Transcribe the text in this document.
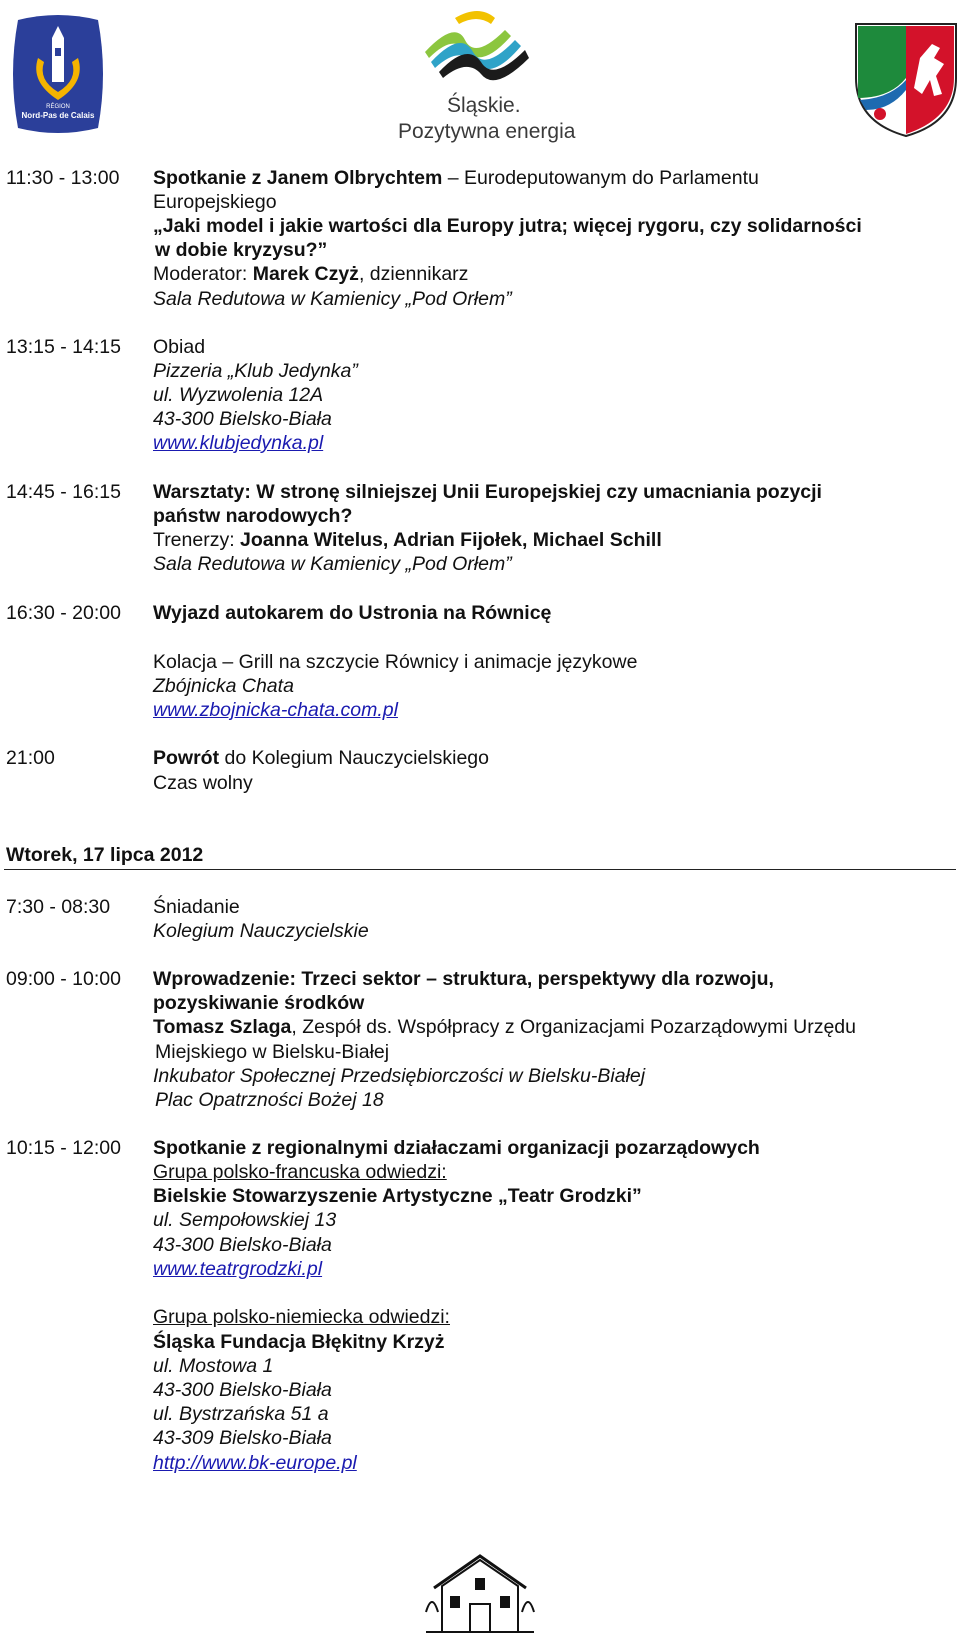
RÉGION
Nord-Pas de Calais	Śląskie.
Pozytywna energia
11:30 - 13:00 Spotkanie z Janem Olbrychtem – Eurodeputowanym do Parlamentu
Europejskiego
„Jaki model i jakie wartości dla Europy jutra; więcej rygoru, czy solidarności
w dobie kryzysu?”
Moderator: Marek Czyż, dziennikarz
Sala Redutowa w Kamienicy „Pod Orłem”
13:15 - 14:15 Obiad
Pizzeria „Klub Jedynka”
ul. Wyzwolenia 12A
43-300 Bielsko-Biała
www.klubjedynka.pl
14:45 - 16:15 Warsztaty: W stronę silniejszej Unii Europejskiej czy umacniania pozycji
państw narodowych?
Trenerzy: Joanna Witelus, Adrian Fijołek, Michael Schill
Sala Redutowa w Kamienicy „Pod Orłem”
16:30 - 20:00 Wyjazd autokarem do Ustronia na Równicę
Kolacja – Grill na szczycie Równicy i animacje językowe
Zbójnicka Chata
www.zbojnicka-chata.com.pl
21:00	Powrót do Kolegium Nauczycielskiego
Czas wolny
Wtorek, 17 lipca 2012
7:30 - 08:30 Śniadanie
Kolegium Nauczycielskie
09:00 - 10:00 Wprowadzenie: Trzeci sektor – struktura, perspektywy dla rozwoju,
pozyskiwanie środków
Tomasz Szlaga, Zespół ds. Współpracy z Organizacjami Pozarządowymi Urzędu
Miejskiego w Bielsku-Białej
Inkubator Społecznej Przedsiębiorczości w Bielsku-Białej
Plac Opatrzności Bożej 18
10:15 - 12:00 Spotkanie z regionalnymi działaczami organizacji pozarządowych
Grupa polsko-francuska odwiedzi:
Bielskie Stowarzyszenie Artystyczne „Teatr Grodzki”
ul. Sempołowskiej 13
43-300 Bielsko-Biała
www.teatrgrodzki.pl
Grupa polsko-niemiecka odwiedzi:
Śląska Fundacja Błękitny Krzyż
ul. Mostowa 1
43-300 Bielsko-Biała
ul. Bystrzańska 51 a
43-309 Bielsko-Biała
http://www.bk-europe.pl
